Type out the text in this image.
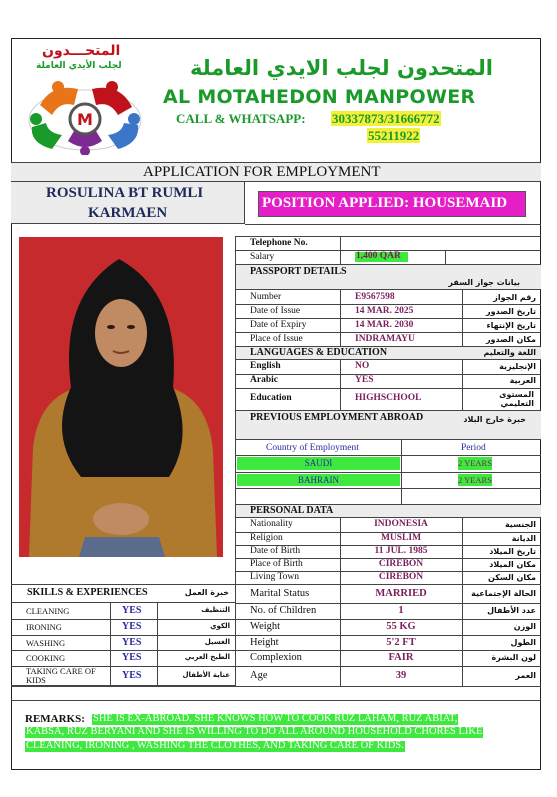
المتحـــدون
لجلب الأيدي العاملة
M
المتحدون لجلب الايدي العاملة
AL MOTAHEDON MANPOWER
CALL & WHATSAPP: 30337873/31666772
55211922
APPLICATION FOR EMPLOYMENT
ROSULINA BT RUMLI
KARMAEN
POSITION APPLIED: HOUSEMAID
Telephone No.
Salary	1,400 QAR
PASSPORT DETAILS
بيانات جواز السفر
Number	E9567598	رقم الجواز
Date of Issue	14 MAR. 2025	تاريخ الصدور
Date of Expiry	14 MAR. 2030	تاريخ الإنتهاء
Place of Issue	INDRAMAYU	مكان الصدور
LANGUAGES & EDUCATION	اللغة والتعليم
English	NO	الإنجليزية
Arabic	YES	العربية
Education	HIGHSCHOOL	المستوى التعليمي
PREVIOUS EMPLOYMENT ABROAD	خبرة خارج البلاد
Country of Employment	Period
SAUDI	2 YEARS
BAHRAIN	2 YEARS
PERSONAL DATA
Nationality	INDONESIA	الجنسية
Religion	MUSLIM	الديانة
Date of Birth	11 JUL. 1985	تاريخ الميلاد
Place of Birth	CIREBON	مكان الميلاد
Living Town	CIREBON	مكان السكن
Marital Status	MARRIED	الحالة الإجتماعية
No. of Children	1	عدد الأطفال
Weight	55 KG	الوزن
Height	5'2 FT	الطول
Complexion	FAIR	لون البشرة
Age	39	العمر
SKILLS & EXPERIENCES	خبرة العمل
CLEANING	YES	التنظيف
IRONING	YES	الكوي
WASHING	YES	الغسيل
COOKING	YES	الطبخ العربي
TAKING CARE OF KIDS	YES	عناية الأطفال
REMARKS: SHE IS EX-ABROAD. SHE KNOWS HOW TO COOK RUZ LAHAM, RUZ ABIAT,
KABSA, RUZ BERYANI AND SHE IS WILLING TO DO ALL AROUND HOUSEHOLD CHORES LIKE
CLEANING, IRONING , WASHING THE CLOTHES, AND TAKING CARE OF KIDS.
